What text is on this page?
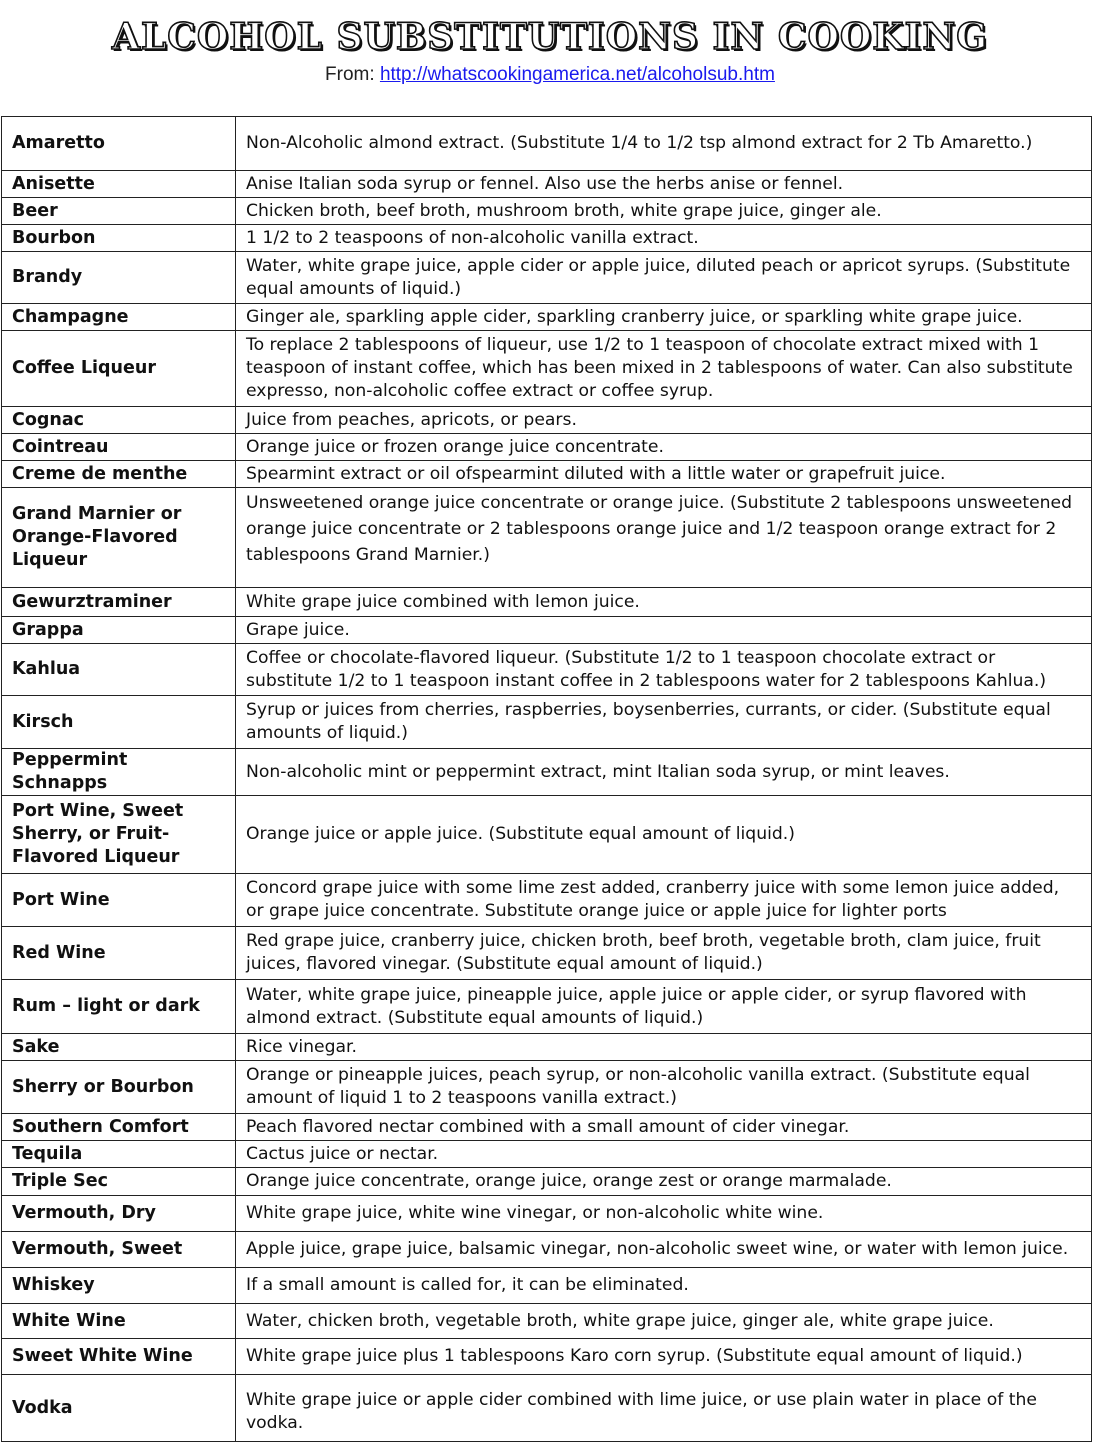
ALCOHOL SUBSTITUTIONS IN COOKING
From: http://whatscookingamerica.net/alcoholsub.htm
Amaretto	Non-Alcoholic almond extract. (Substitute 1/4 to 1/2 tsp almond extract for 2 Tb Amaretto.)
Anisette	Anise Italian soda syrup or fennel. Also use the herbs anise or fennel.
Beer	Chicken broth, beef broth, mushroom broth, white grape juice, ginger ale.
Bourbon	1 1/2 to 2 teaspoons of non-alcoholic vanilla extract.
Brandy	Water, white grape juice, apple cider or apple juice, diluted peach or apricot syrups. (Substitute equal amounts of liquid.)
Champagne	Ginger ale, sparkling apple cider, sparkling cranberry juice, or sparkling white grape juice.
Coffee Liqueur	To replace 2 tablespoons of liqueur, use 1/2 to 1 teaspoon of chocolate extract mixed with 1 teaspoon of instant coffee, which has been mixed in 2 tablespoons of water. Can also substitute expresso, non-alcoholic coffee extract or coffee syrup.
Cognac	Juice from peaches, apricots, or pears.
Cointreau	Orange juice or frozen orange juice concentrate.
Creme de menthe	Spearmint extract or oil ofspearmint diluted with a little water or grapefruit juice.
Grand Marnier or Orange-Flavored Liqueur	Unsweetened orange juice concentrate or orange juice. (Substitute 2 tablespoons unsweetened orange juice concentrate or 2 tablespoons orange juice and 1/2 teaspoon orange extract for 2 tablespoons Grand Marnier.)
Gewurztraminer	White grape juice combined with lemon juice.
Grappa	Grape juice.
Kahlua	Coffee or chocolate-flavored liqueur. (Substitute 1/2 to 1 teaspoon chocolate extract or substitute 1/2 to 1 teaspoon instant coffee in 2 tablespoons water for 2 tablespoons Kahlua.)
Kirsch	Syrup or juices from cherries, raspberries, boysenberries, currants, or cider. (Substitute equal amounts of liquid.)
Peppermint Schnapps	Non-alcoholic mint or peppermint extract, mint Italian soda syrup, or mint leaves.
Port Wine, Sweet Sherry, or Fruit-Flavored Liqueur	Orange juice or apple juice. (Substitute equal amount of liquid.)
Port Wine	Concord grape juice with some lime zest added, cranberry juice with some lemon juice added, or grape juice concentrate. Substitute orange juice or apple juice for lighter ports
Red Wine	Red grape juice, cranberry juice, chicken broth, beef broth, vegetable broth, clam juice, fruit juices, flavored vinegar. (Substitute equal amount of liquid.)
Rum – light or dark	Water, white grape juice, pineapple juice, apple juice or apple cider, or syrup flavored with almond extract. (Substitute equal amounts of liquid.)
Sake	Rice vinegar.
Sherry or Bourbon	Orange or pineapple juices, peach syrup, or non-alcoholic vanilla extract. (Substitute equal amount of liquid 1 to 2 teaspoons vanilla extract.)
Southern Comfort	Peach flavored nectar combined with a small amount of cider vinegar.
Tequila	Cactus juice or nectar.
Triple Sec	Orange juice concentrate, orange juice, orange zest or orange marmalade.
Vermouth, Dry	White grape juice, white wine vinegar, or non-alcoholic white wine.
Vermouth, Sweet	Apple juice, grape juice, balsamic vinegar, non-alcoholic sweet wine, or water with lemon juice.
Whiskey	If a small amount is called for, it can be eliminated.
White Wine	Water, chicken broth, vegetable broth, white grape juice, ginger ale, white grape juice.
Sweet White Wine	White grape juice plus 1 tablespoons Karo corn syrup. (Substitute equal amount of liquid.)
Vodka	White grape juice or apple cider combined with lime juice, or use plain water in place of the vodka.
